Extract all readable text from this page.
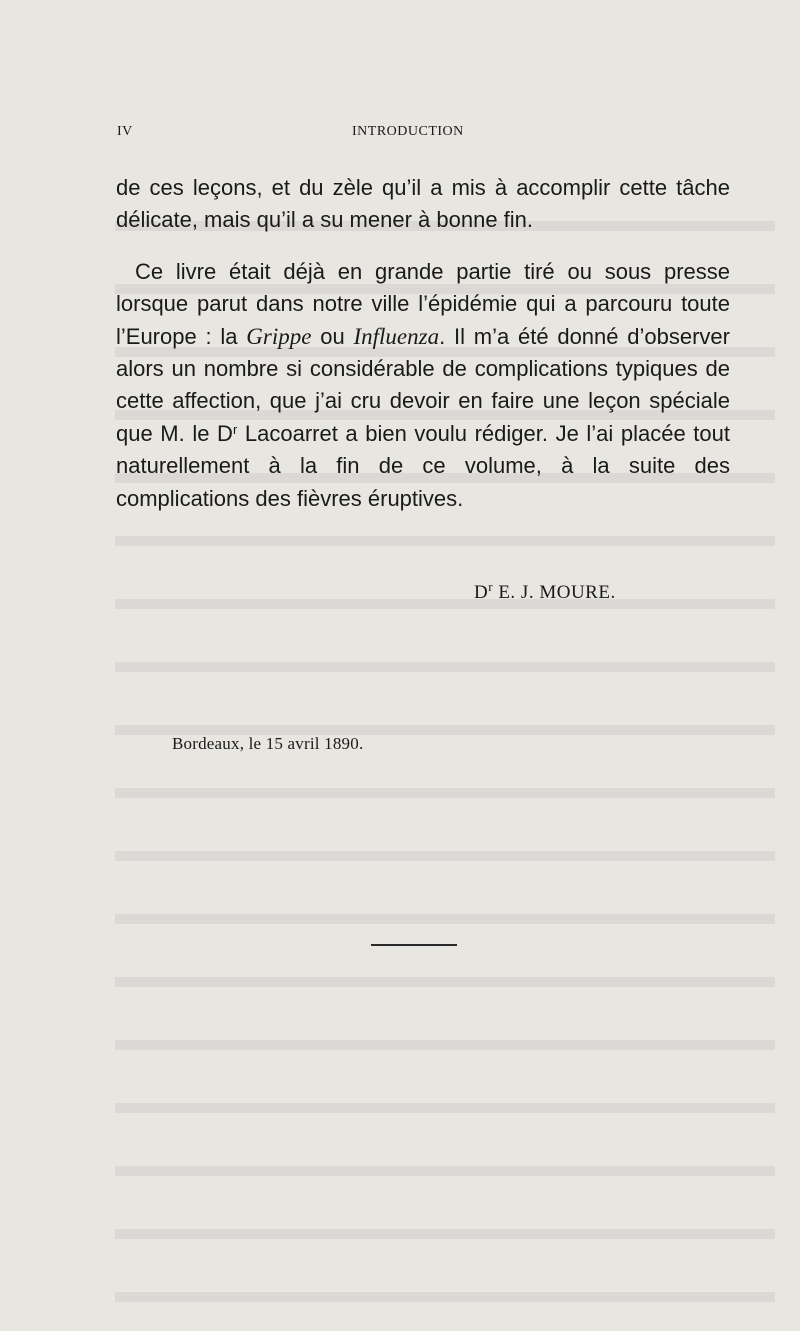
IV	INTRODUCTION

de ces leçons, et du zèle qu’il a mis à accomplir cette tâche délicate, mais qu’il a su mener à bonne fin.

Ce livre était déjà en grande partie tiré ou sous presse lorsque parut dans notre ville l’épidémie qui a parcouru toute l’Europe : la Grippe ou Influenza. Il m’a été donné d’observer alors un nombre si considérable de complications typiques de cette affection, que j’ai cru devoir en faire une leçon spéciale que M. le $D^r$ Lacoarret a bien voulu rédiger. Je l’ai placée tout naturellement à la fin de ce volume, à la suite des complications des fièvres éruptives.

$D^r$ E. J. MOURE.
Bordeaux, le 15 avril 1890.
